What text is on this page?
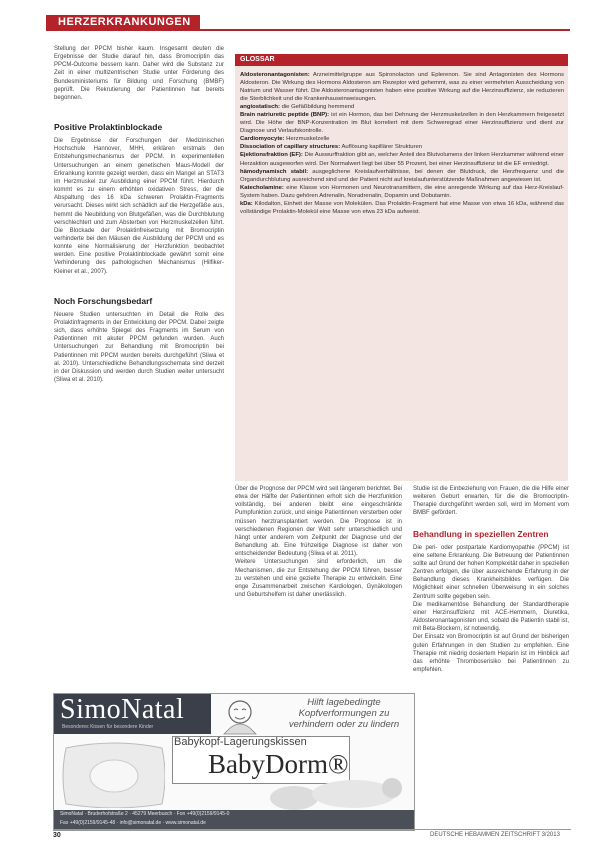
HERZERKRANKUNGEN

Stellung der PPCM bisher kaum. Insgesamt deuten die Ergebnisse der Studie darauf hin, dass Bromocriptin das PPCM-Outcome bessern kann. Daher wird die Substanz zur Zeit in einer multizentrischen Studie unter Förderung des Bundesministeriums für Bildung und Forschung (BMBF) geprüft. Die Rekrutierung der Patientinnen hat bereits begonnen.

Positive Prolaktinblockade

Die Ergebnisse der Forschungen der Medizinischen Hochschule Hannover, MHH, erklären erstmals den Entstehungsmechanismus der PPCM. In experimentellen Untersuchungen an einem genetischen Maus-Modell der Erkrankung konnte gezeigt werden, dass ein Mangel an STAT3 im Herzmuskel zur Ausbildung einer PPCM führt. Hierdurch kommt es zu einem erhöhten oxidativen Stress, der die Abspaltung des 16 kDa schweren Prolaktin-Fragments verursacht. Dieses wirkt sich schädlich auf die Herzgefäße aus, hemmt die Neubildung von Blutgefäßen, was die Durchblutung verschlechtert und zum Absterben von Herzmuskelzellen führt. Die Blockade der Prolaktinfreisetzung mit Bromocriptin verhinderte bei den Mäusen die Ausbildung der PPCM und es konnte eine Normalisierung der Herzfunktion beobachtet werden. Eine positive Prolaktinblockade gewährt somit eine Verhinderung des pathologischen Mechanismus (Hilfiker-Kleiner et al., 2007).

Noch Forschungsbedarf

Neuere Studien untersuchten im Detail die Rolle des Prolaktinfragments in der Entwicklung der PPCM. Dabei zeigte sich, dass erhöhte Spiegel des Fragments im Serum von Patientinnen mit akuter PPCM gefunden wurden. Auch Untersuchungen zur Behandlung mit Bromocriptin bei Patientinnen mit PPCM wurden bereits durchgeführt (Sliwa et al. 2010). Unterschiedliche Behandlungsschemata sind derzeit in der Diskussion und werden durch Studien weiter untersucht (Sliwa et al. 2010).

GLOSSAR
Aldosteronantagonisten: Arzneimittelgruppe aus Spironolacton und Eplerenon. Sie sind Antagonisten des Hormons Aldosteron. Die Wirkung des Hormons Aldosteron am Rezeptor wird gehemmt, was zu einer vermehrten Ausscheidung von Natrium und Wasser führt. Die Aldosteronantagonisten haben eine positive Wirkung auf die Herzinsuffizienz, sie reduzieren die Sterblichkeit und die Krankenhauseinweisungen.
angiostatisch: die Gefäßbildung hemmend
Brain natriuretic peptide (BNP): ist ein Hormon, das bei Dehnung der Herzmuskelzellen in den Herzkammern freigesetzt wird. Die Höhe der BNP-Konzentration im Blut korreliert mit dem Schweregrad einer Herzinsuffizienz und dient zur Diagnose und Verlaufskontrolle.
Cardiomyocyte: Herzmuskelzelle
Dissociation of capillary structures: Auflösung kapillärer Strukturen
Ejektionsfraktion (EF): Die Auswurffraktion gibt an, welcher Anteil des Blutvolumens der linken Herzkammer während einer Herzaktion ausgeworfen wird. Der Normalwert liegt bei über 55 Prozent, bei einer Herzinsuffizienz ist die EF erniedrigt.
hämodynamisch stabil: ausgeglichene Kreislaufverhältnisse, bei denen der Blutdruck, die Herzfrequenz und die Organdurchblutung ausreichend sind und der Patient nicht auf kreislaufunterstützende Maßnahmen angewiesen ist.
Katecholamine: eine Klasse von Hormonen und Neurotransmittern, die eine anregende Wirkung auf das Herz-Kreislauf-System haben. Dazu gehören Adrenalin, Noradrenalin, Dopamin und Dobutamin.
kDa: Kilodalton, Einheit der Masse von Molekülen. Das Prolaktin-Fragment hat eine Masse von etwa 16 kDa, während das vollständige Prolaktin-Molekül eine Masse von etwa 23 kDa aufweist.

Über die Prognose der PPCM wird seit längerem berichtet. Bei etwa der Hälfte der Patientinnen erholt sich die Herzfunktion vollständig, bei anderen bleibt eine eingeschränkte Pumpfunktion zurück, und einige Patientinnen versterben oder müssen herztransplantiert werden. Die Prognose ist in verschiedenen Regionen der Welt sehr unterschiedlich und hängt unter anderem vom Zeitpunkt der Diagnose und der Behandlung ab. Eine frühzeitige Diagnose ist daher von entscheidender Bedeutung (Sliwa et al. 2011).

Weitere Untersuchungen sind erforderlich, um die Mechanismen, die zur Entstehung der PPCM führen, besser zu verstehen und eine gezielte Therapie zu entwickeln. Eine enge Zusammenarbeit zwischen Kardiologen, Gynäkologen und Geburtshelfern ist daher unerlässlich.

Studie ist die Einbeziehung von Frauen, die die Hilfe einer weiteren Geburt erwarten, für die die Bromocriptin-Therapie durchgeführt werden soll, wird im Moment vom BMBF gefördert.

Behandlung in speziellen Zentren

Die peri- oder postpartale Kardiomyopathie (PPCM) ist eine seltene Erkrankung. Die Betreuung der Patientinnen sollte auf Grund der hohen Komplexität daher in speziellen Zentren erfolgen, die über ausreichende Erfahrung in der Behandlung dieses Krankheitsbildes verfügen. Die Möglichkeit einer schnellen Überweisung in ein solches Zentrum sollte gegeben sein.

Die medikamentöse Behandlung der Standardtherapie einer Herzinsuffizienz mit ACE-Hemmern, Diuretika, Aldosteronantagonisten und, sobald die Patientin stabil ist, mit Beta-Blockern, ist notwendig.

Der Einsatz von Bromocriptin ist auf Grund der bisherigen guten Erfahrungen in den Studien zu empfehlen. Eine Therapie mit niedrig dosiertem Heparin ist im Hinblick auf das erhöhte Thromboserisiko bei Patientinnen zu empfehlen.

SimoNatal
Besonderes Kissen für besondere Kinder
Hilft lagebedingte Kopfverformungen zu verhindern oder zu lindern
Babykopf-Lagerungskissen
BabyDorm®
SimoNatal · Bruderhofstraße 2 · 45279 Meerbusch · Fon +49(0)2159/9145-0
Fax +49(0)2159/9145-48 · info@simonatal.de · www.simonatal.de
30	DEUTSCHE HEBAMMEN ZEITSCHRIFT 3/2013
